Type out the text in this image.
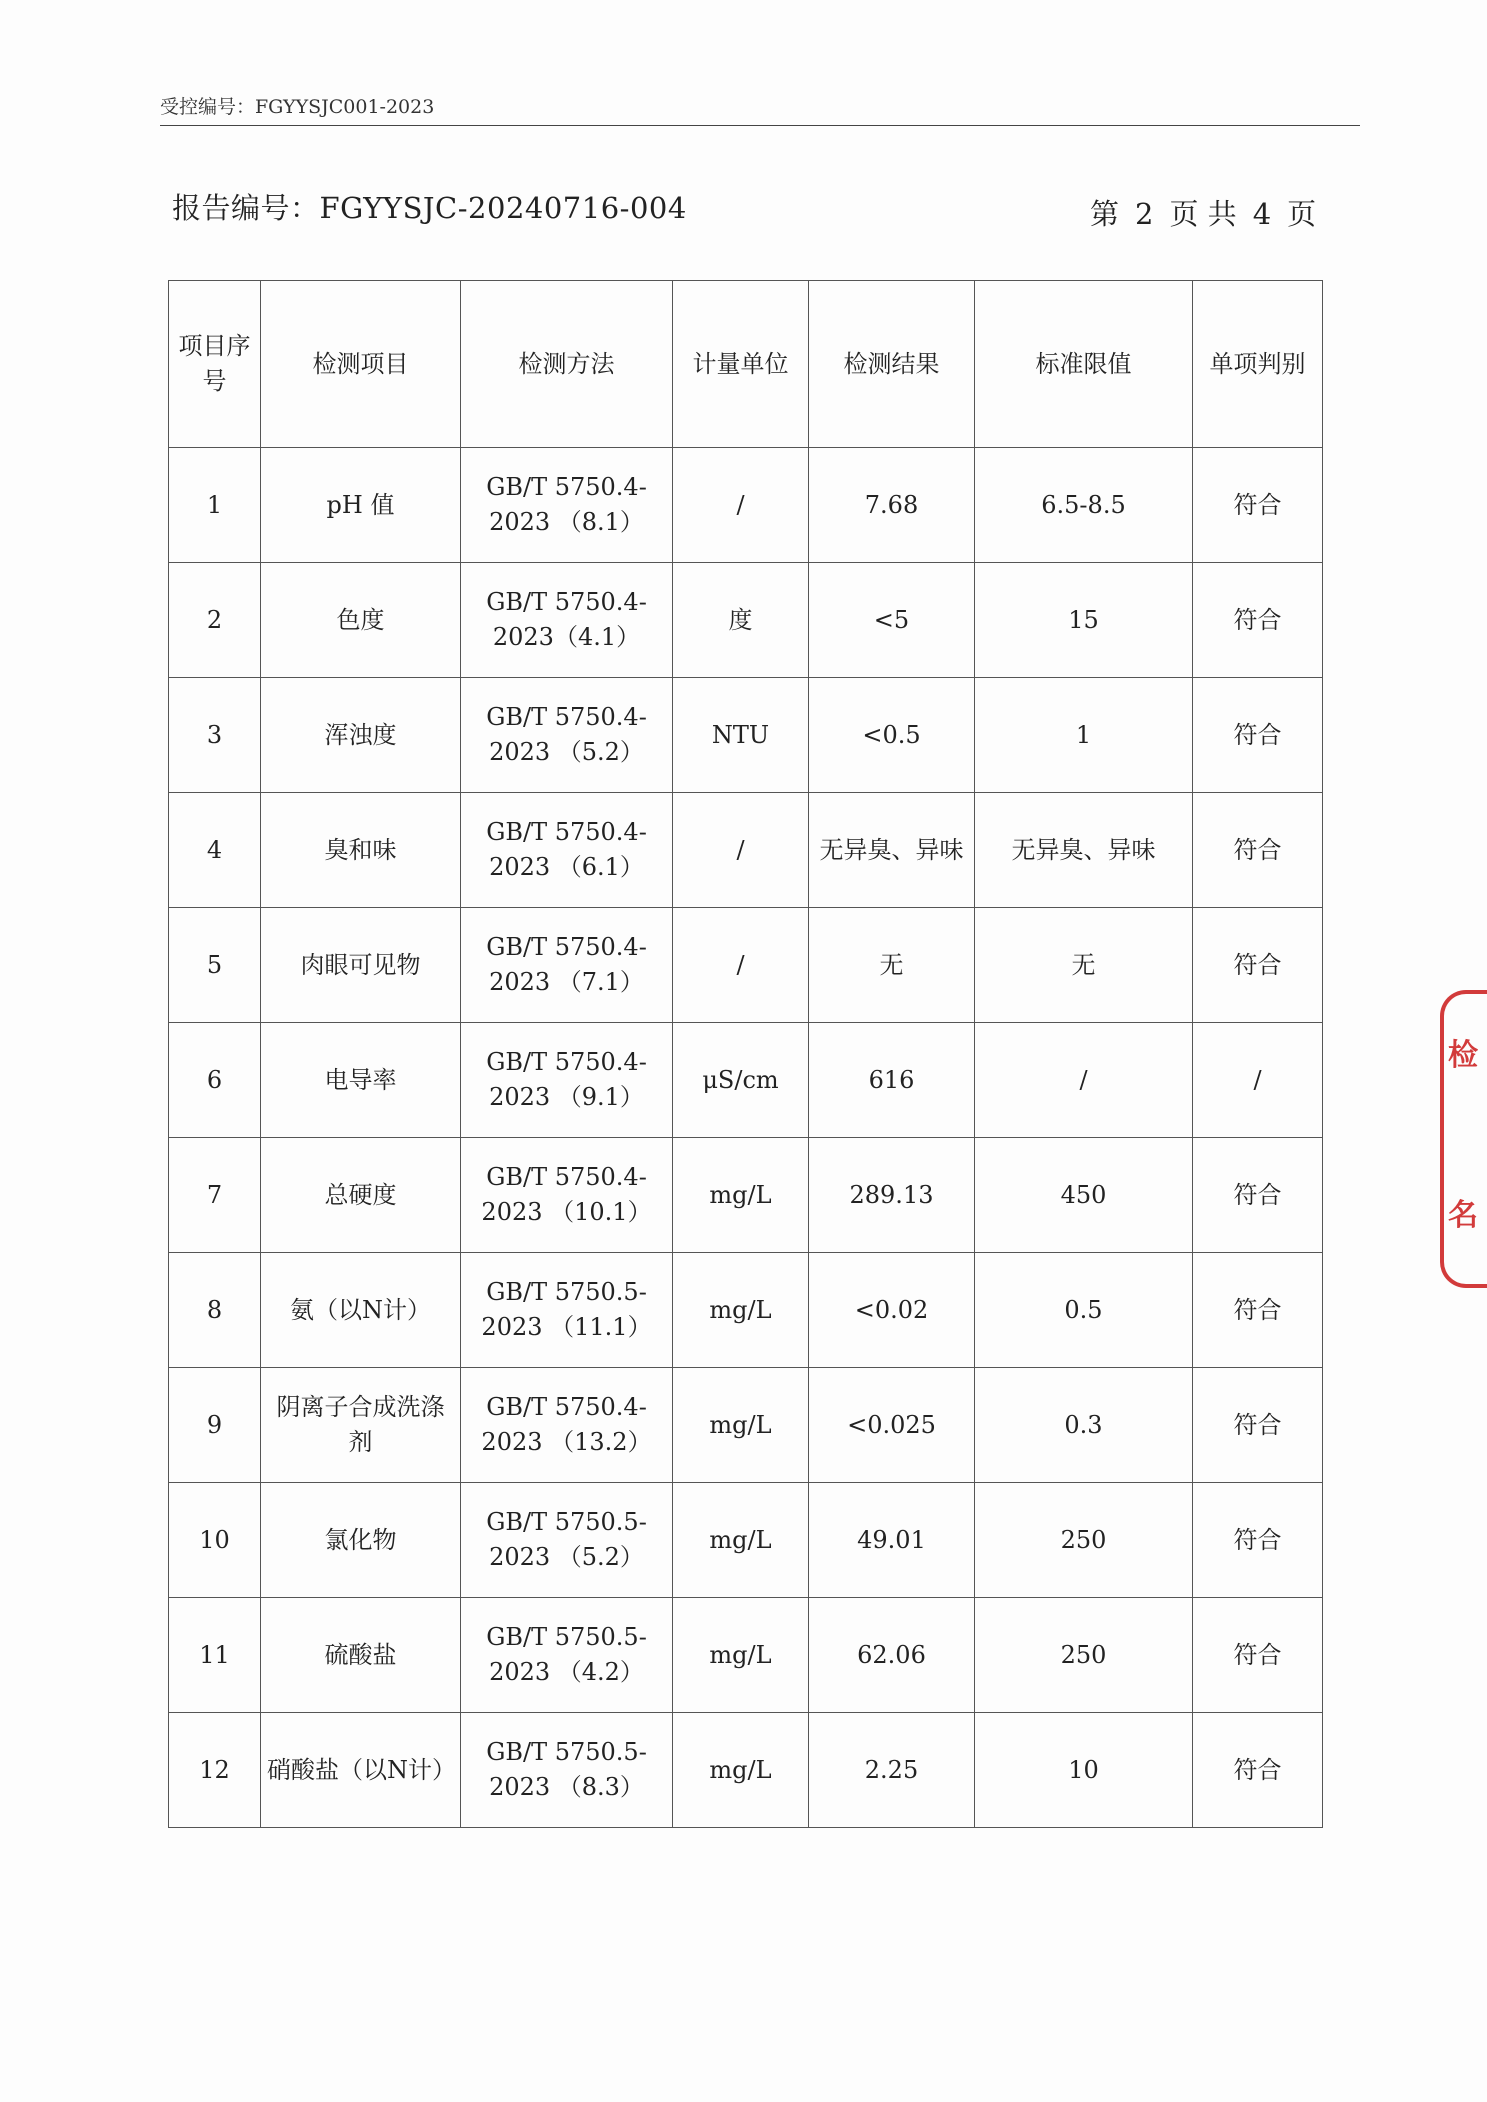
受控编号：FGYYSJC001-2023
报告编号：FGYYSJC-20240716-004	第 2 页 共 4 页
项目序号	检测项目	检测方法	计量单位	检测结果	标准限值	单项判别
1	pH 值	GB/T 5750.4-2023 （8.1）	/	7.68	6.5-8.5	符合
2	色度	GB/T 5750.4-2023（4.1）	度	<5	15	符合
3	浑浊度	GB/T 5750.4-2023 （5.2）	NTU	<0.5	1	符合
4	臭和味	GB/T 5750.4-2023 （6.1）	/	无异臭、异味	无异臭、异味	符合
5	肉眼可见物	GB/T 5750.4-2023 （7.1）	/	无	无	符合
6	电导率	GB/T 5750.4-2023 （9.1）	μS/cm	616	/	/
7	总硬度	GB/T 5750.4-2023 （10.1）	mg/L	289.13	450	符合
8	氨（以N计）	GB/T 5750.5-2023 （11.1）	mg/L	<0.02	0.5	符合
9	阴离子合成洗涤剂	GB/T 5750.4-2023 （13.2）	mg/L	<0.025	0.3	符合
10	氯化物	GB/T 5750.5-2023 （5.2）	mg/L	49.01	250	符合
11	硫酸盐	GB/T 5750.5-2023 （4.2）	mg/L	62.06	250	符合
12	硝酸盐（以N计）	GB/T 5750.5-2023 （8.3）	mg/L	2.25	10	符合
检
名
